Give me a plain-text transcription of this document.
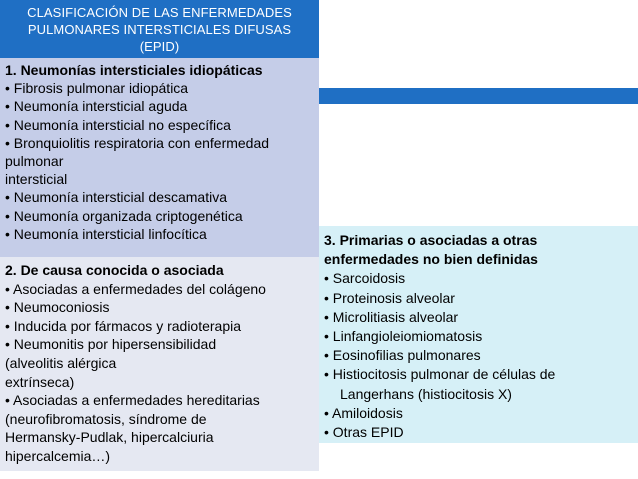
CLASIFICACIÓN DE LAS ENFERMEDADES
PULMONARES INTERSTICIALES DIFUSAS
(EPID)
1. Neumonías intersticiales idiopáticas
• Fibrosis pulmonar idiopática
• Neumonía intersticial aguda
• Neumonía intersticial no específica
• Bronquiolitis respiratoria con enfermedad
pulmonar
intersticial
• Neumonía intersticial descamativa
• Neumonía organizada criptogenética
• Neumonía intersticial linfocítica
2. De causa conocida o asociada
• Asociadas a enfermedades del colágeno
• Neumoconiosis
• Inducida por fármacos y radioterapia
• Neumonitis por hipersensibilidad
(alveolitis alérgica
extrínseca)
• Asociadas a enfermedades hereditarias
(neurofibromatosis, síndrome de
Hermansky-Pudlak, hipercalciuria
hipercalcemia…)
3. Primarias o asociadas a otras
enfermedades no bien definidas
• Sarcoidosis
• Proteinosis alveolar
• Microlitiasis alveolar
• Linfangioleiomiomatosis
• Eosinofilias pulmonares
• Histiocitosis pulmonar de células de
Langerhans (histiocitosis X)
• Amiloidosis
• Otras EPID
